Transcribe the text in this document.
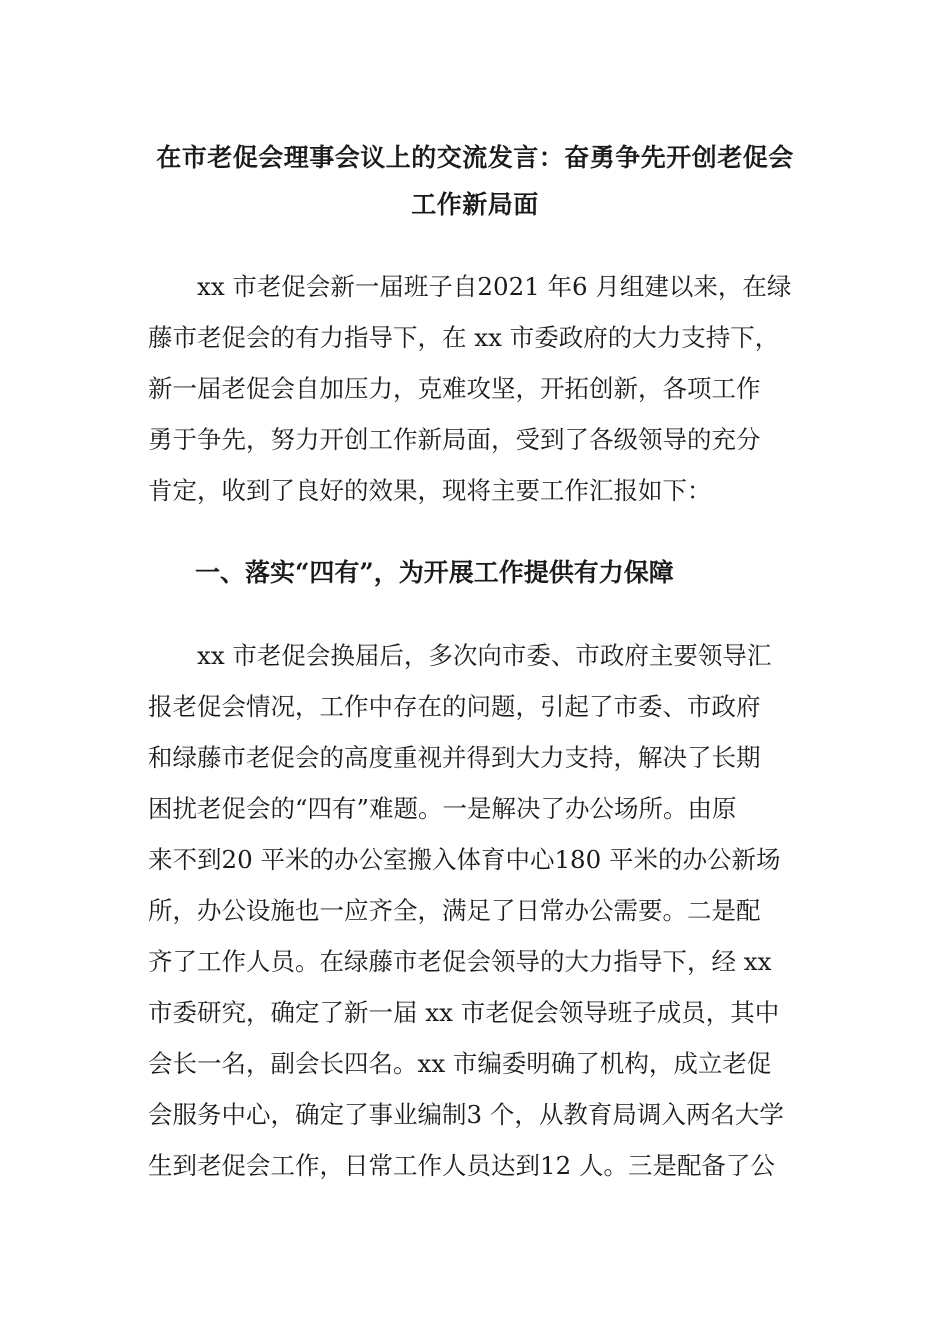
在市老促会理事会议上的交流发言：奋勇争先开创老促会
工作新局面
xx 市老促会新一届班子自2021 年6 月组建以来，在绿
藤市老促会的有力指导下，在 xx 市委政府的大力支持下，
新一届老促会自加压力，克难攻坚，开拓创新，各项工作
勇于争先，努力开创工作新局面，受到了各级领导的充分
肯定，收到了良好的效果，现将主要工作汇报如下：
一、落实“四有”，为开展工作提供有力保障
xx 市老促会换届后，多次向市委、市政府主要领导汇
报老促会情况，工作中存在的问题，引起了市委、市政府
和绿藤市老促会的高度重视并得到大力支持，解决了长期
困扰老促会的“四有”难题。一是解决了办公场所。由原
来不到20 平米的办公室搬入体育中心180 平米的办公新场
所，办公设施也一应齐全，满足了日常办公需要。二是配
齐了工作人员。在绿藤市老促会领导的大力指导下，经 xx
市委研究，确定了新一届 xx 市老促会领导班子成员，其中
会长一名，副会长四名。xx 市编委明确了机构，成立老促
会服务中心，确定了事业编制3 个，从教育局调入两名大学
生到老促会工作，日常工作人员达到12 人。三是配备了公
